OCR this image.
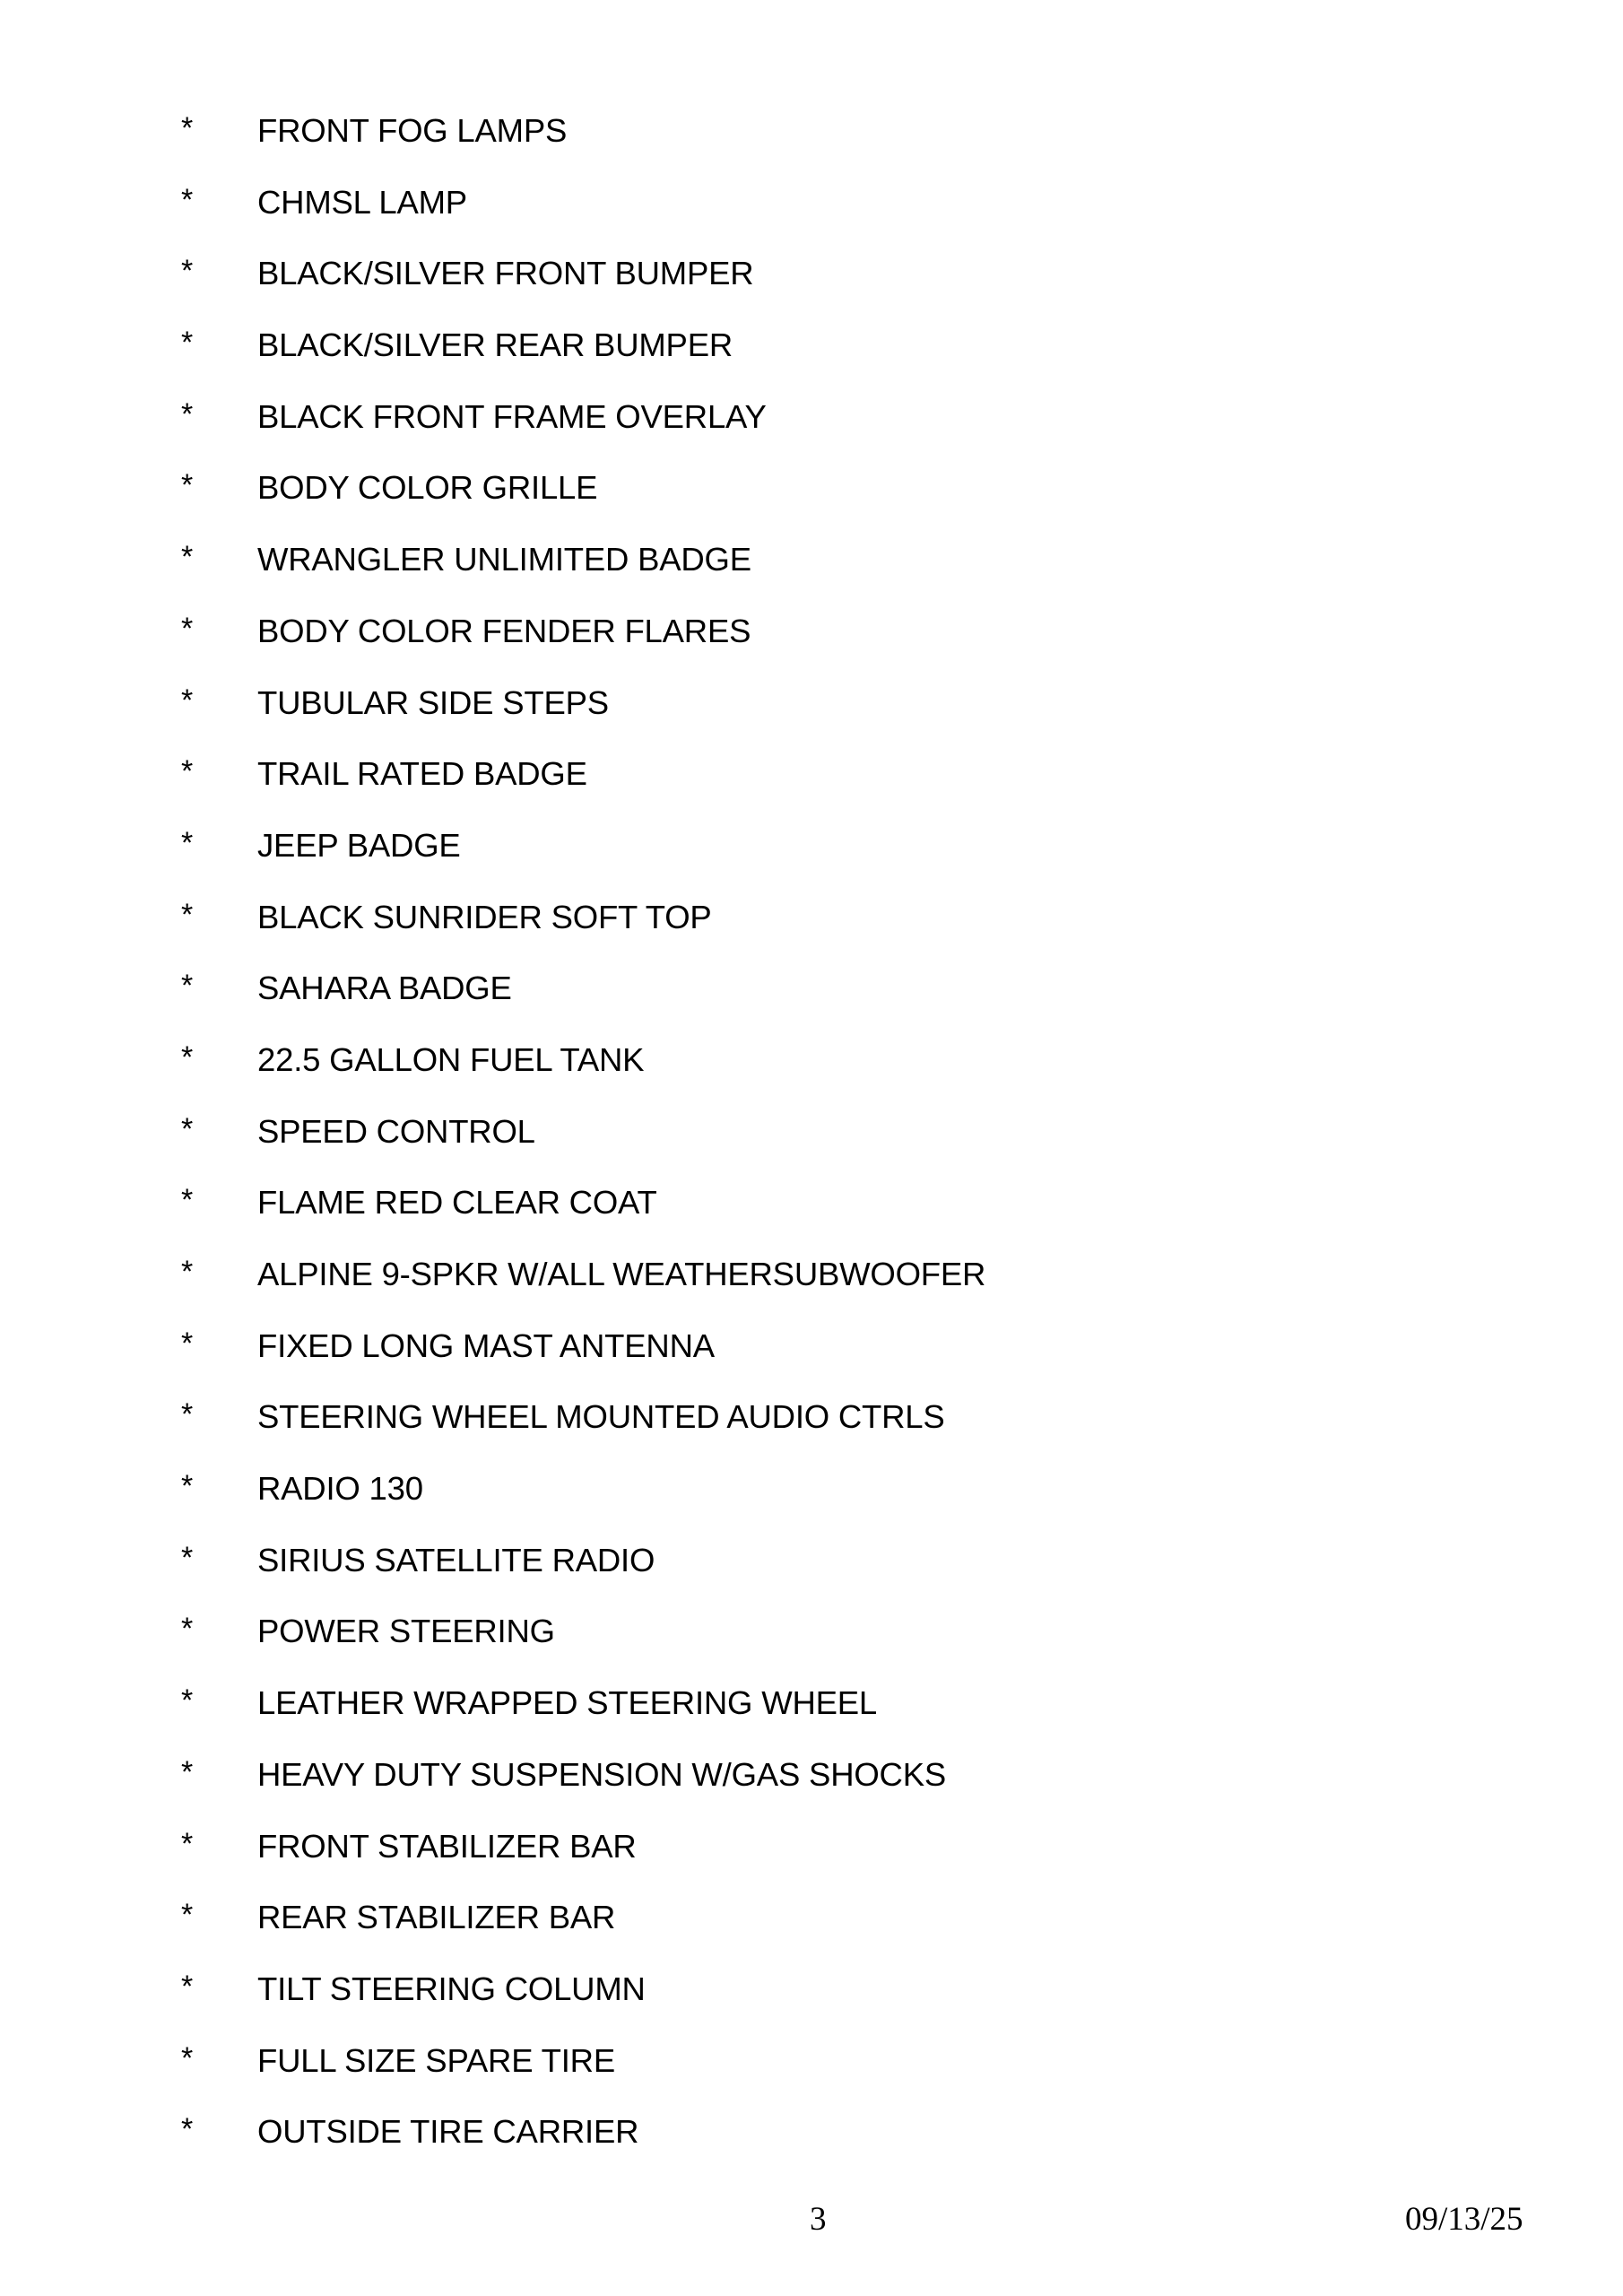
* FRONT FOG LAMPS
* CHMSL LAMP
* BLACK/SILVER FRONT BUMPER
* BLACK/SILVER REAR BUMPER
* BLACK FRONT FRAME OVERLAY
* BODY COLOR GRILLE
* WRANGLER UNLIMITED BADGE
* BODY COLOR FENDER FLARES
* TUBULAR SIDE STEPS
* TRAIL RATED BADGE
* JEEP BADGE
* BLACK SUNRIDER SOFT TOP
* SAHARA BADGE
* 22.5 GALLON FUEL TANK
* SPEED CONTROL
* FLAME RED CLEAR COAT
* ALPINE 9-SPKR W/ALL WEATHERSUBWOOFER
* FIXED LONG MAST ANTENNA
* STEERING WHEEL MOUNTED AUDIO CTRLS
* RADIO 130
* SIRIUS SATELLITE RADIO
* POWER STEERING
* LEATHER WRAPPED STEERING WHEEL
* HEAVY DUTY SUSPENSION W/GAS SHOCKS
* FRONT STABILIZER BAR
* REAR STABILIZER BAR
* TILT STEERING COLUMN
* FULL SIZE SPARE TIRE
* OUTSIDE TIRE CARRIER
3	09/13/25
